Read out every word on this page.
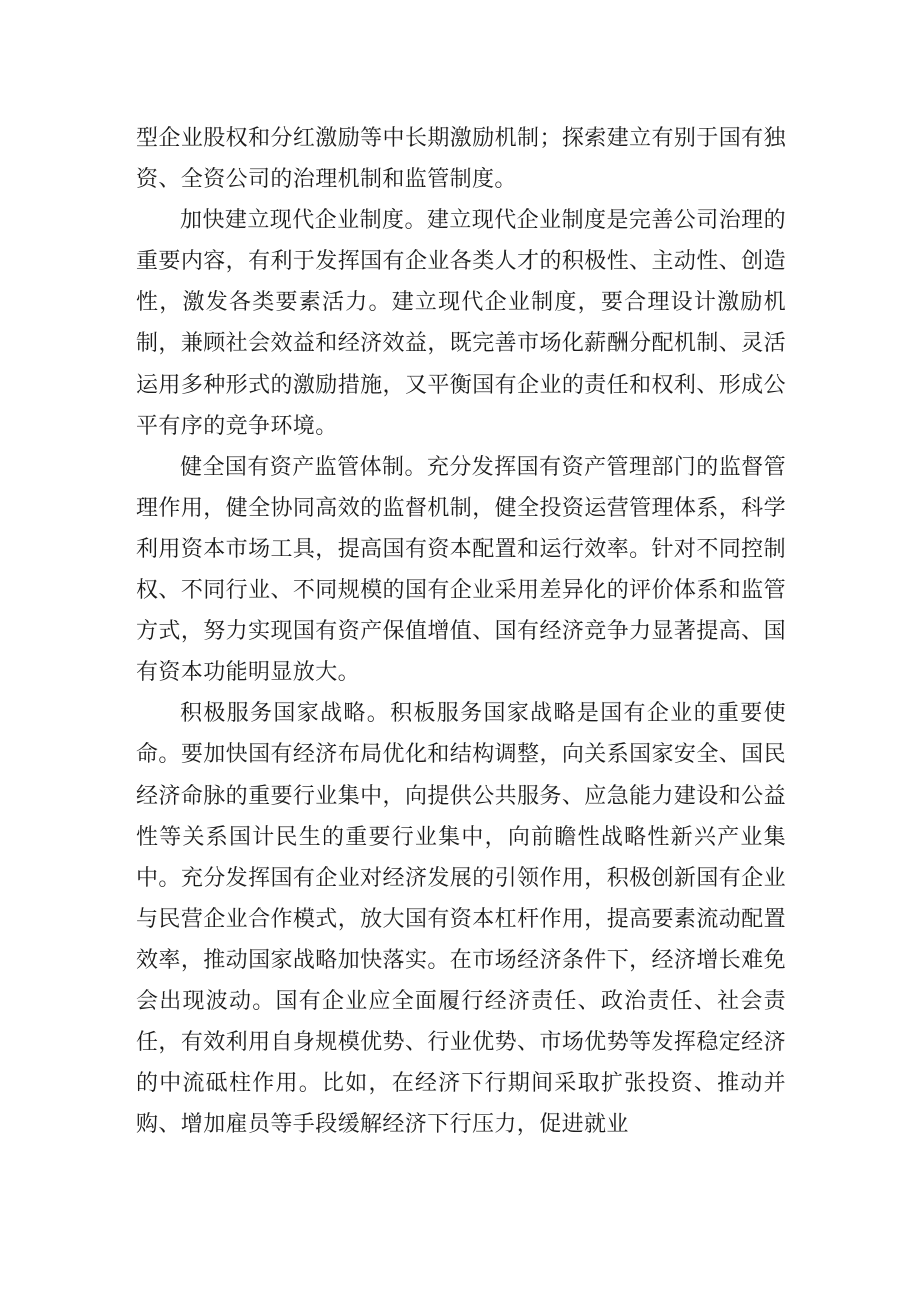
型企业股权和分红激励等中长期激励机制；探索建立有别于国有独资、全资公司的治理机制和监管制度。

加快建立现代企业制度。建立现代企业制度是完善公司治理的重要内容，有利于发挥国有企业各类人才的积极性、主动性、创造性，激发各类要素活力。建立现代企业制度，要合理设计激励机制，兼顾社会效益和经济效益，既完善市场化薪酬分配机制、灵活运用多种形式的激励措施，又平衡国有企业的责任和权利、形成公平有序的竞争环境。

健全国有资产监管体制。充分发挥国有资产管理部门的监督管理作用，健全协同高效的监督机制，健全投资运营管理体系，科学利用资本市场工具，提高国有资本配置和运行效率。针对不同控制权、不同行业、不同规模的国有企业采用差异化的评价体系和监管方式，努力实现国有资产保值增值、国有经济竞争力显著提高、国有资本功能明显放大。

积极服务国家战略。积板服务国家战略是国有企业的重要使命。要加快国有经济布局优化和结构调整，向关系国家安全、国民经济命脉的重要行业集中，向提供公共服务、应急能力建设和公益性等关系国计民生的重要行业集中，向前瞻性战略性新兴产业集中。充分发挥国有企业对经济发展的引领作用，积极创新国有企业与民营企业合作模式，放大国有资本杠杆作用，提高要素流动配置效率，推动国家战略加快落实。在市场经济条件下，经济增长难免会出现波动。国有企业应全面履行经济责任、政治责任、社会责任，有效利用自身规模优势、行业优势、市场优势等发挥稳定经济的中流砥柱作用。比如，在经济下行期间采取扩张投资、推动并购、增加雇员等手段缓解经济下行压力，促进就业
